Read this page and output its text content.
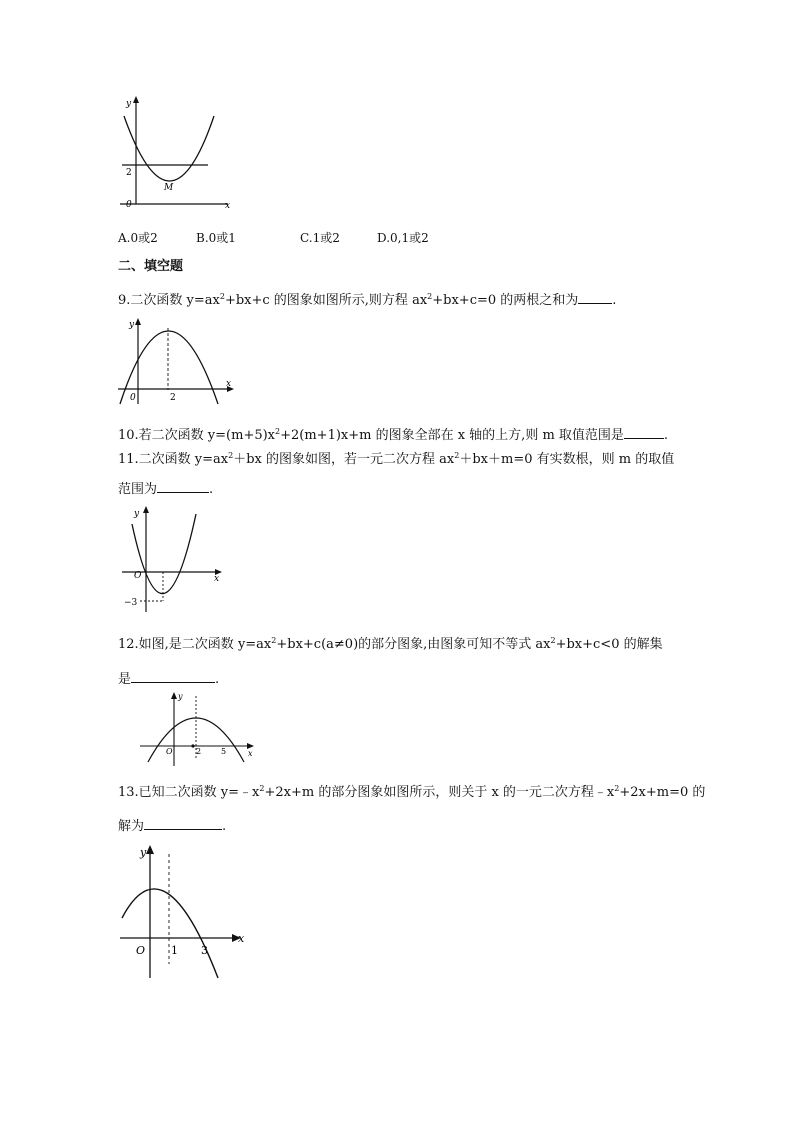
y
x
0
2
M
A.0或2	B.0或1	C.1或2	D.0,1或2
二、填空题
9.二次函数 $y=ax^2+bx+c$ 的图象如图所示,则方程 $ax^2+bx+c=0$ 的两根之和为	.
y
x
0	2
10.若二次函数 $y=(m+5)x^2+2(m+1)x+m$ 的图象全部在 x 轴的上方,则 m 取值范围是	.
11.二次函数 $y=ax^2+bx$ 的图象如图，若一元二次方程 $ax^2+bx+m=0$ 有实数根，则 m 的取值
范围为	.
y
x
O
−3
12.如图,是二次函数 $y=ax^2+bx+c(a\ne 0)$的部分图象,由图象可知不等式 $ax^2+bx+c<0$ 的解集
是	.
y
x
O	2 5
13.已知二次函数 $y=﹣x^2+2x+m$ 的部分图象如图所示，则关于 x 的一元二次方程$﹣x^2+2x+m=0$ 的
解为	.
y
x
O 1 3
